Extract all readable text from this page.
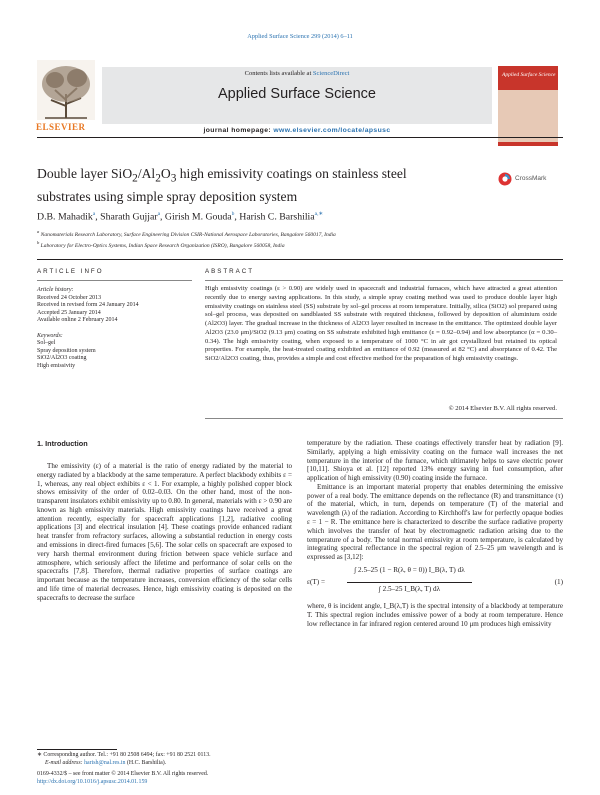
Applied Surface Science 299 (2014) 6–11
ELSEVIER
Contents lists available at ScienceDirect
Applied Surface Science
journal homepage: www.elsevier.com/locate/apsusc
Applied Surface Science
Double layer $SiO_2/Al_2O_3$ high emissivity coatings on stainless steel
substrates using simple spray deposition system
CrossMark
D.B. Mahadik$^a$, Sharath Gujjar$^a$, Girish M. Gouda$^b$, Harish C. Barshilia$^{a,∗}$
$^a$ Nanomaterials Research Laboratory, Surface Engineering Division CSIR-National Aerospace Laboratories, Bangalore 560017, India
$^b$ Laboratory for Electro-Optics Systems, Indian Space Research Organization (ISRO), Bangalore 560058, India
ARTICLE INFO
Article history:
Received 24 October 2013
Received in revised form 24 January 2014
Accepted 25 January 2014
Available online 2 February 2014
Keywords:
Sol–gel
Spray deposition system
SiO2/Al2O3 coating
High emissivity
ABSTRACT
High emissivity coatings (ε > 0.90) are widely used in spacecraft and industrial furnaces, which have attracted a great attention recently due to energy saving applications. In this study, a simple spray coating method was used to produce double layer high emissivity coatings on stainless steel (SS) substrate by sol–gel process at room temperature. Initially, silica (SiO2) sol prepared using sol–gel process, was deposited on sandblasted SS substrate with required thickness, followed by deposition of aluminium oxide (Al2O3) layer. The gradual increase in the thickness of Al2O3 layer resulted in increase in the emittance. The optimized double layer Al2O3 (23.0 μm)/SiO2 (9.13 μm) coating on SS substrate exhibited high emittance (ε = 0.92–0.94) and low absorptance (α = 0.30–0.34). The high emissivity coating, when exposed to a temperature of 1000 °C in air got crystallized but retained its optical properties. For example, the heat-treated coating exhibited an emittance of 0.92 (measured at 82 °C) and absorptance of 0.42. The SiO2/Al2O3 coating, thus, provides a simple and cost effective method for the preparation of high emissivity coatings.
© 2014 Elsevier B.V. All rights reserved.
1. Introduction

The emissivity (ε) of a material is the ratio of energy radiated by the material to energy radiated by a blackbody at the same temperature. A perfect blackbody exhibits ε = 1, whereas, any real object exhibits ε < 1. For example, a highly polished copper block shows emissivity of the order of 0.02–0.03. On the other hand, most of the non-transparent insulators exhibit emissivity up to 0.80. In general, materials with ε > 0.90 are known as high emissivity materials. High emissivity coatings have received a great attention recently, especially for spacecraft applications [1,2], radiative cooling applications [3] and electrical insulation [4]. These coatings provide enhanced radiant heat transfer from refractory surfaces, allowing a substantial reduction in energy costs and emissions in direct-fired furnaces [5,6]. The solar cells on spacecraft are exposed to very harsh thermal environment during friction between space vehicle surface and atmosphere, which seriously affect the lifetime and performance of solar cells on the spacecrafts [7,8]. Therefore, thermal radiative properties of surface coatings are important because as the temperature increases, conversion efficiency of the solar cells and life time of material decreases. Hence, high emissivity coating is deposited on the spacecrafts to decrease the surface

temperature by the radiation. These coatings effectively transfer heat by radiation [9]. Similarly, applying a high emissivity coating on the furnace wall increases the net temperature in the interior of the furnace, which ultimately helps to save electric power [10,11]. Shioya et al. [12] reported 13% energy saving in fuel consumption, after application of high emissivity (0.90) coating inside the furnace.

Emittance is an important material property that enables determining the emissive power of a real body. The emittance depends on the reflectance (R) and transmittance (τ) of the material, which, in turn, depends on temperature (T) of the material and wavelength (λ) of the radiation. According to Kirchhoff's law for perfectly opaque bodies ε = 1 − R. The emittance here is characterized to describe the surface radiative property which involves the transfer of heat by electromagnetic radiation arising due to the temperature of a body. The total normal emissivity at room temperature, is calculated by integrating spectral reflectance in the spectral region of 2.5–25 μm wavelength and is expressed as [3,12]:

ε(T) =
∫ 2.5–25 (1 − R(λ, θ = 0)) I_B(λ, T) dλ
∫ 2.5–25 I_B(λ, T) dλ
(1)

where, θ is incident angle, I_B(λ,T) is the spectral intensity of a blackbody at temperature T. This spectral region includes emissive power of a body at room temperature. Hence low reflectance in far infrared region centered around 10 μm produces high emissivity

∗ Corresponding author. Tel.: +91 80 2508 6494; fax: +91 80 2521 0113.
E-mail address: harish@nal.res.in (H.C. Barshilia).
0169-4332/$ – see front matter © 2014 Elsevier B.V. All rights reserved.
http://dx.doi.org/10.1016/j.apsusc.2014.01.159
